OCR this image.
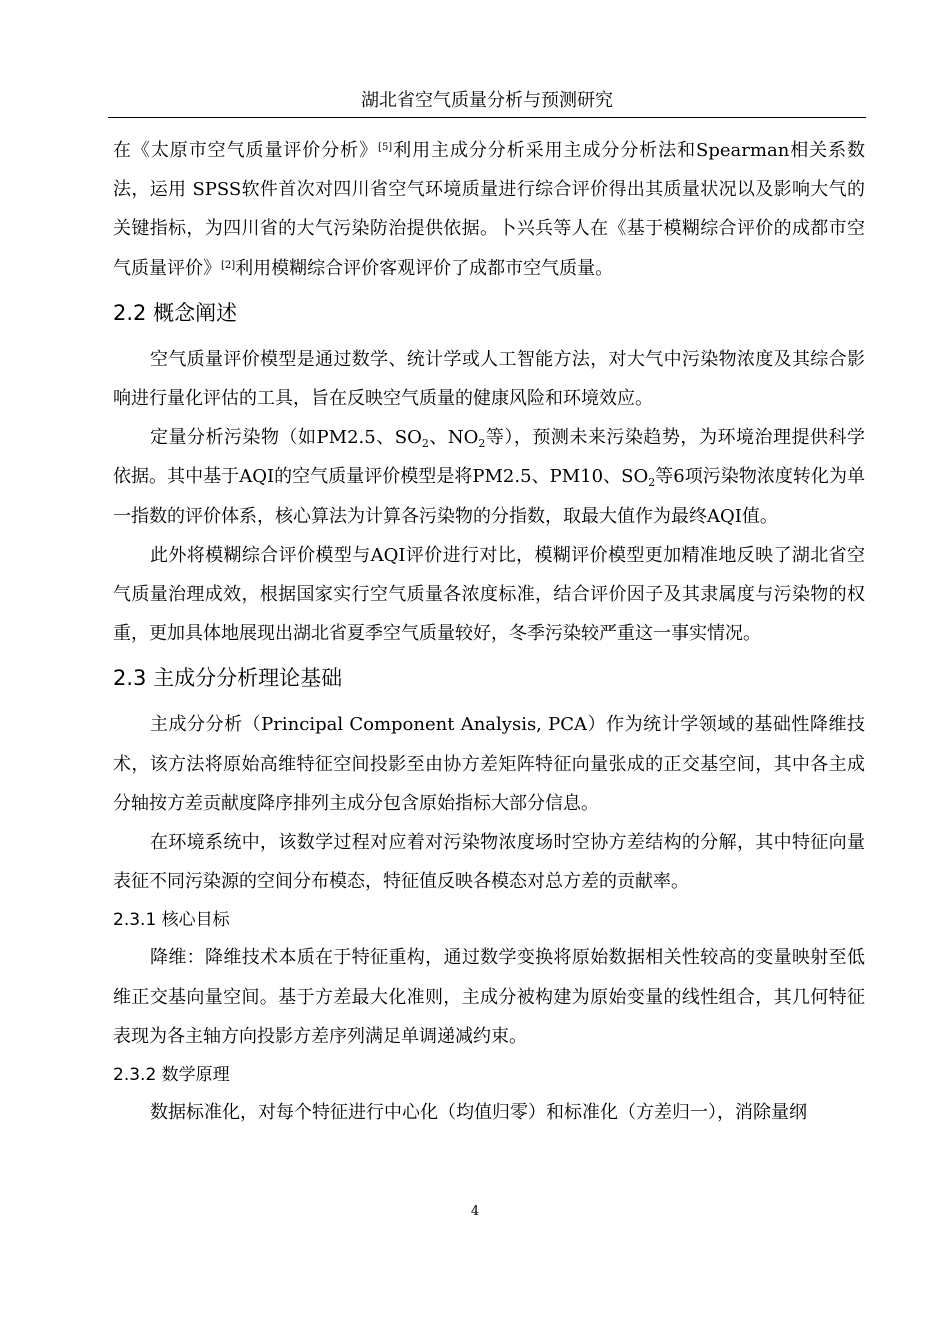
湖北省空气质量分析与预测研究

在《太原市空气质量评价分析》[5]利用主成分分析采用主成分分析法和Spearman相关系数法，运用 SPSS软件首次对四川省空气环境质量进行综合评价得出其质量状况以及影响大气的关键指标，为四川省的大气污染防治提供依据。卜兴兵等人在《基于模糊综合评价的成都市空气质量评价》[2]利用模糊综合评价客观评价了成都市空气质量。

2.2 概念阐述

空气质量评价模型是通过数学、统计学或人工智能方法，对大气中污染物浓度及其综合影响进行量化评估的工具，旨在反映空气质量的健康风险和环境效应。

定量分析污染物（如PM2.5、$SO_2$、$NO_2$等），预测未来污染趋势，为环境治理提供科学依据。其中基于AQI的空气质量评价模型是将PM2.5、PM10、$SO_2$等6项污染物浓度转化为单一指数的评价体系，核心算法为计算各污染物的分指数，取最大值作为最终AQI值。

此外将模糊综合评价模型与AQI评价进行对比，模糊评价模型更加精准地反映了湖北省空气质量治理成效，根据国家实行空气质量各浓度标准，结合评价因子及其隶属度与污染物的权重，更加具体地展现出湖北省夏季空气质量较好，冬季污染较严重这一事实情况。

2.3 主成分分析理论基础

主成分分析（Principal Component Analysis, PCA）作为统计学领域的基础性降维技术，该方法将原始高维特征空间投影至由协方差矩阵特征向量张成的正交基空间，其中各主成分轴按方差贡献度降序排列主成分包含原始指标大部分信息。

在环境系统中，该数学过程对应着对污染物浓度场时空协方差结构的分解，其中特征向量表征不同污染源的空间分布模态，特征值反映各模态对总方差的贡献率。

2.3.1 核心目标

降维：降维技术本质在于特征重构，通过数学变换将原始数据相关性较高的变量映射至低维正交基向量空间。基于方差最大化准则，主成分被构建为原始变量的线性组合，其几何特征表现为各主轴方向投影方差序列满足单调递减约束。

2.3.2 数学原理

数据标准化，对每个特征进行中心化（均值归零）和标准化（方差归一），消除量纲

4
